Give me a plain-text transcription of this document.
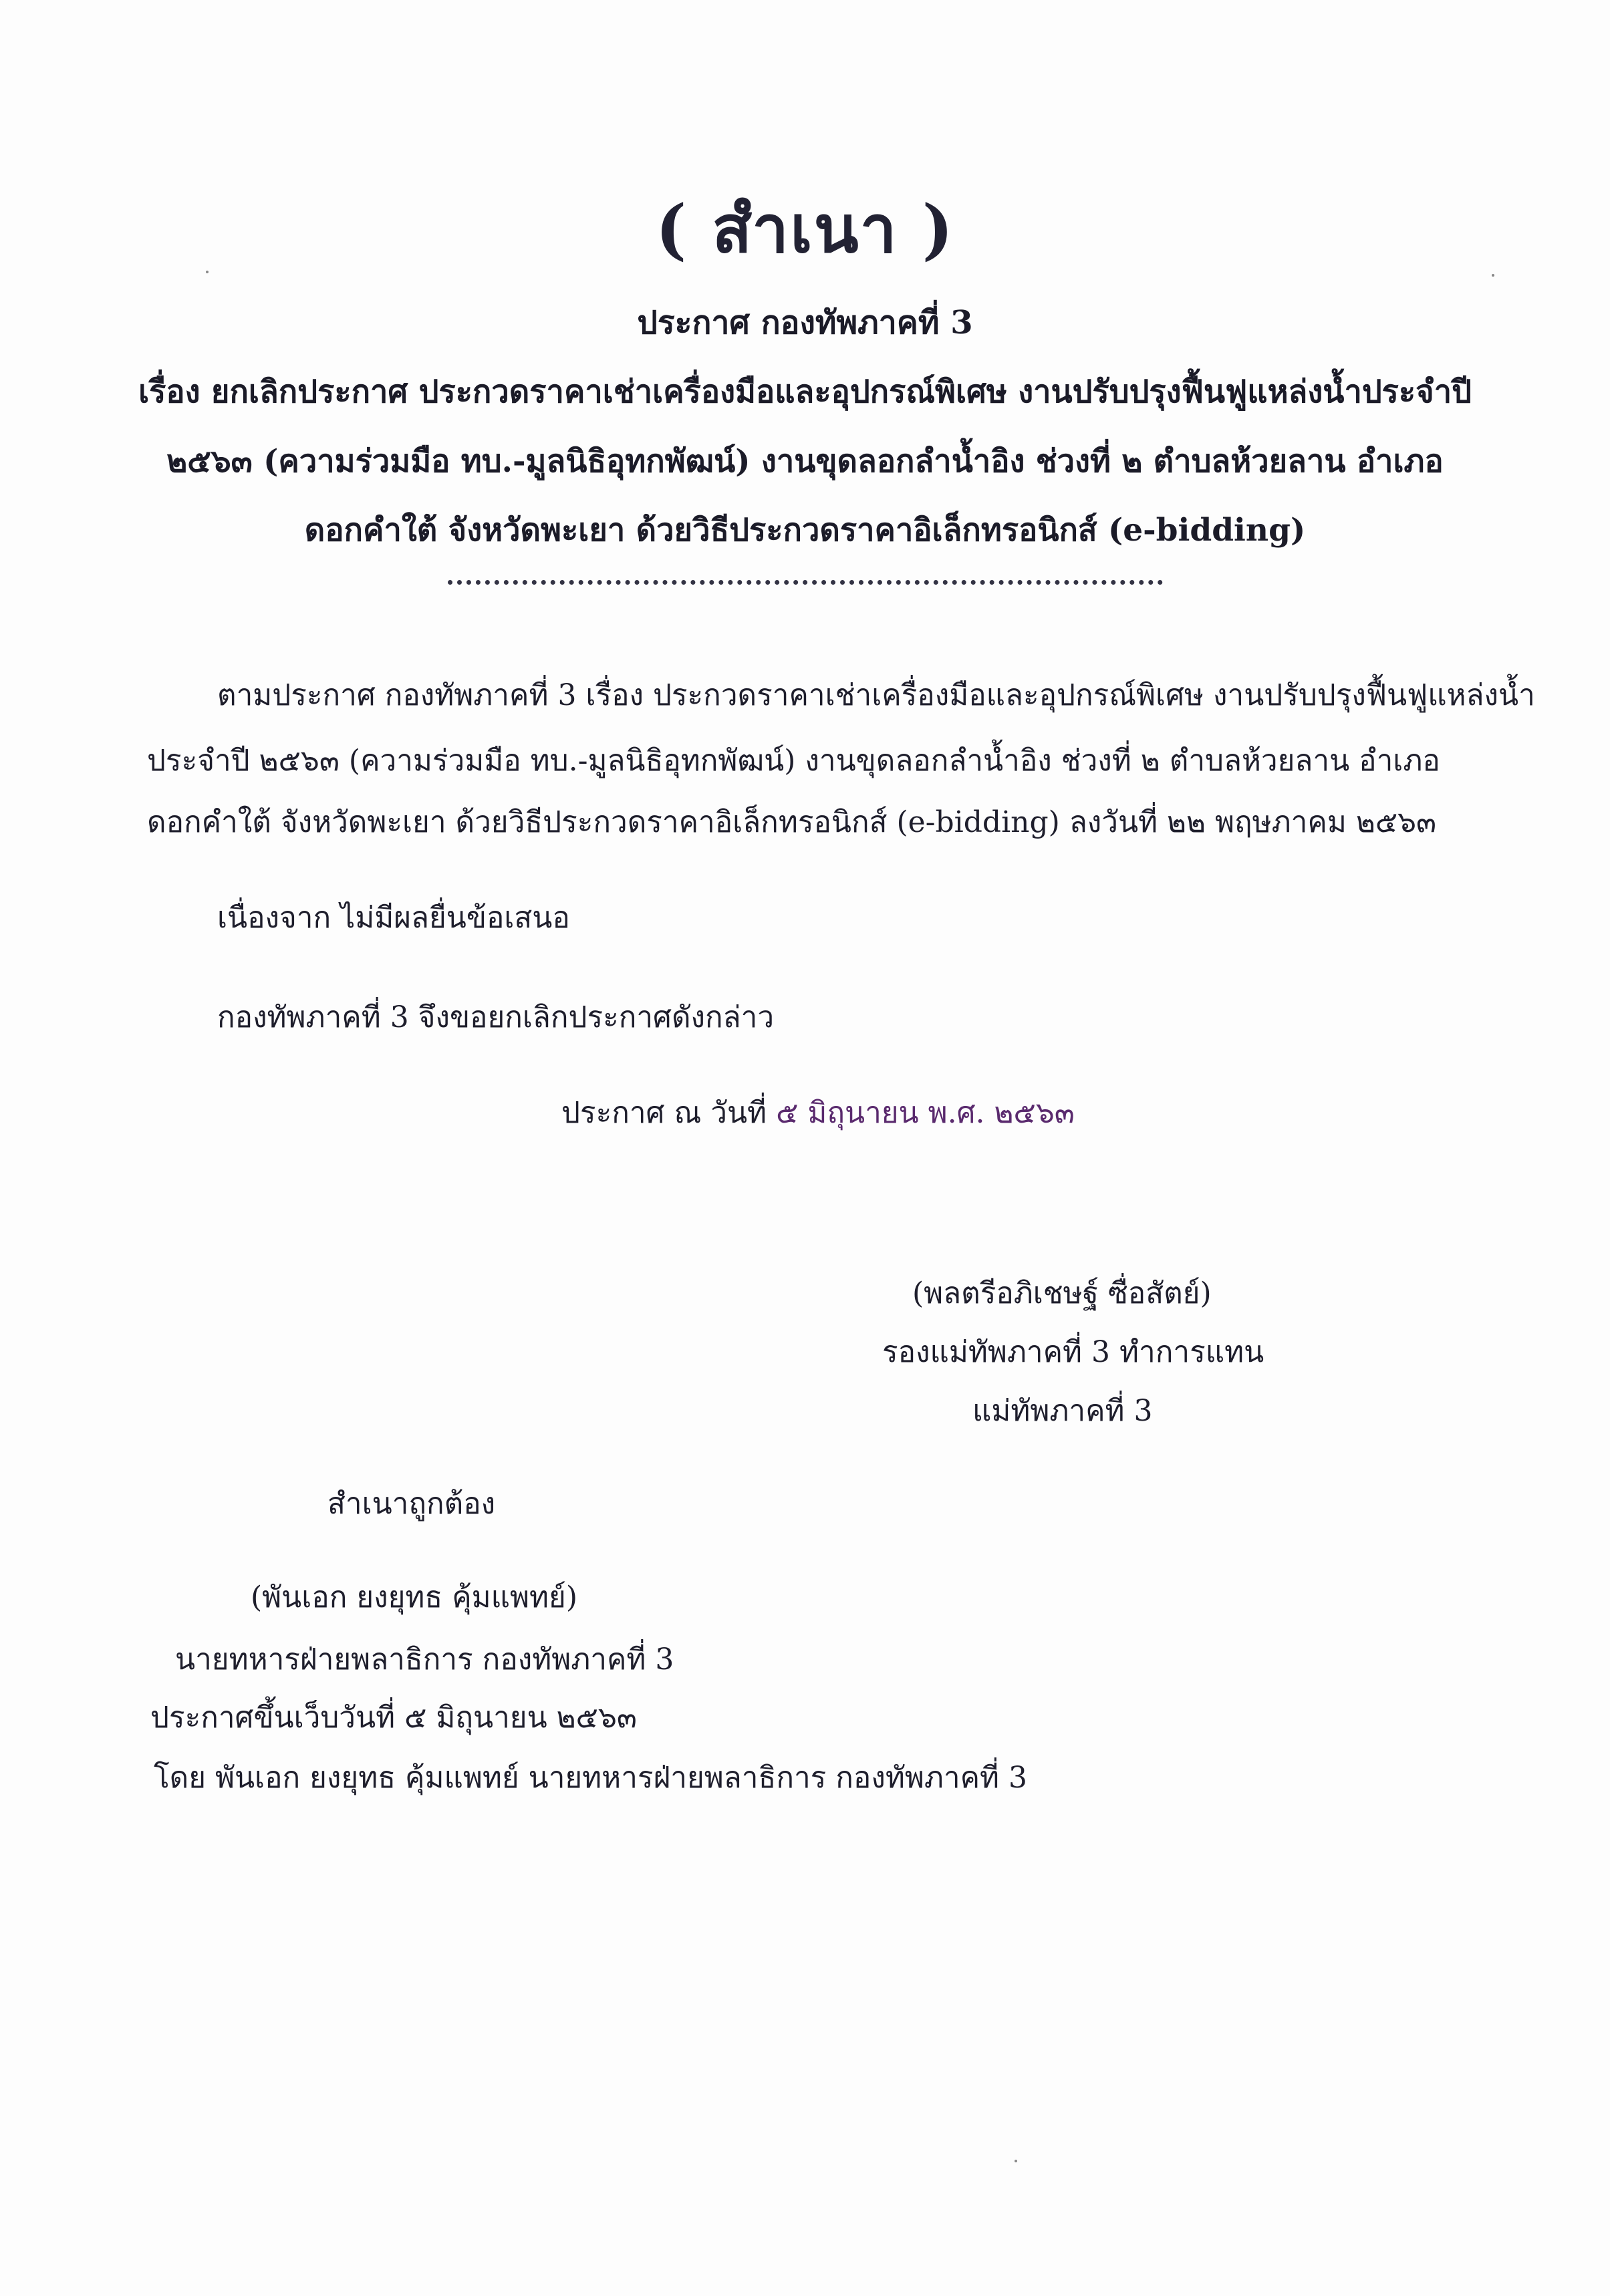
( สำเนา )
ประกาศ กองทัพภาคที่ 3
เรื่อง ยกเลิกประกาศ ประกวดราคาเช่าเครื่องมือและอุปกรณ์พิเศษ งานปรับปรุงฟื้นฟูแหล่งน้ำประจำปี
๒๕๖๓ (ความร่วมมือ ทบ.-มูลนิธิอุทกพัฒน์) งานขุดลอกลำน้ำอิง ช่วงที่ ๒ ตำบลห้วยลาน อำเภอ
ดอกคำใต้ จังหวัดพะเยา ด้วยวิธีประกวดราคาอิเล็กทรอนิกส์ (e-bidding)
ตามประกาศ กองทัพภาคที่ 3 เรื่อง ประกวดราคาเช่าเครื่องมือและอุปกรณ์พิเศษ งานปรับปรุงฟื้นฟูแหล่งน้ำ
ประจำปี ๒๕๖๓ (ความร่วมมือ ทบ.-มูลนิธิอุทกพัฒน์) งานขุดลอกลำน้ำอิง ช่วงที่ ๒ ตำบลห้วยลาน อำเภอ
ดอกคำใต้ จังหวัดพะเยา ด้วยวิธีประกวดราคาอิเล็กทรอนิกส์ (e-bidding) ลงวันที่ ๒๒ พฤษภาคม ๒๕๖๓
เนื่องจาก ไม่มีผลยื่นข้อเสนอ
กองทัพภาคที่ 3 จึงขอยกเลิกประกาศดังกล่าว
ประกาศ ณ วันที่ ๕ มิถุนายน พ.ศ. ๒๕๖๓
(พลตรีอภิเชษฐ์ ซื่อสัตย์)
รองแม่ทัพภาคที่ 3 ทำการแทน
แม่ทัพภาคที่ 3
สำเนาถูกต้อง
(พันเอก ยงยุทธ คุ้มแพทย์)
นายทหารฝ่ายพลาธิการ กองทัพภาคที่ 3
ประกาศขึ้นเว็บวันที่ ๕ มิถุนายน ๒๕๖๓
โดย พันเอก ยงยุทธ คุ้มแพทย์ นายทหารฝ่ายพลาธิการ กองทัพภาคที่ 3
